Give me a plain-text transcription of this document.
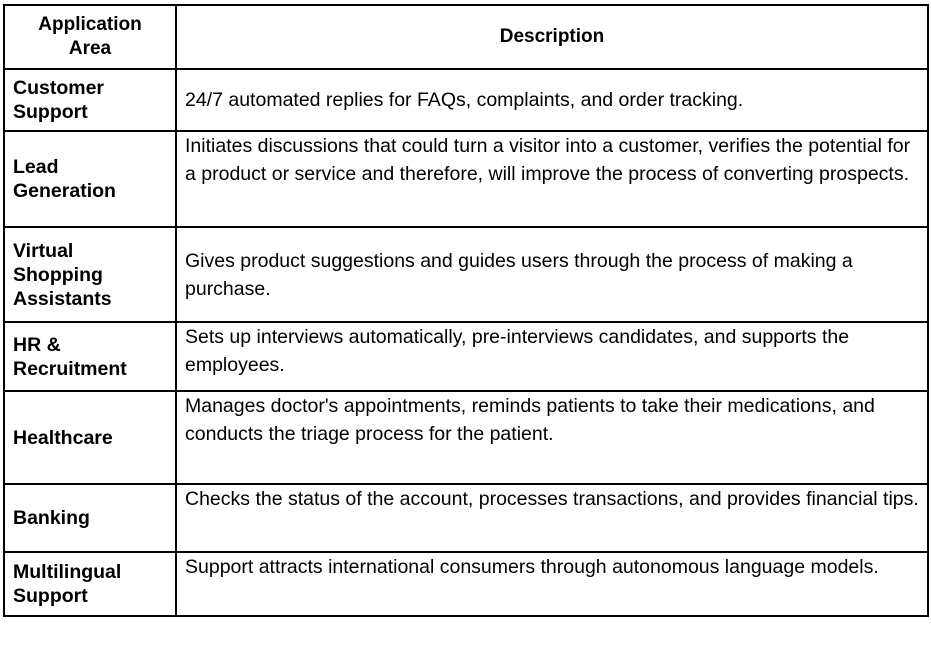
Application Area	Description

Customer Support	24/7 automated replies for FAQs, complaints, and order tracking.

Lead Generation	Initiates discussions that could turn a visitor into a customer, verifies the potential for a product or service and therefore, will improve the process of converting prospects.

Virtual Shopping Assistants	Gives product suggestions and guides users through the process of making a purchase.

HR & Recruitment	Sets up interviews automatically, pre-interviews candidates, and supports the employees.

Healthcare	Manages doctor's appointments, reminds patients to take their medications, and conducts the triage process for the patient.

Banking	Checks the status of the account, processes transactions, and provides financial tips.

Multilingual Support	Support attracts international consumers through autonomous language models.
